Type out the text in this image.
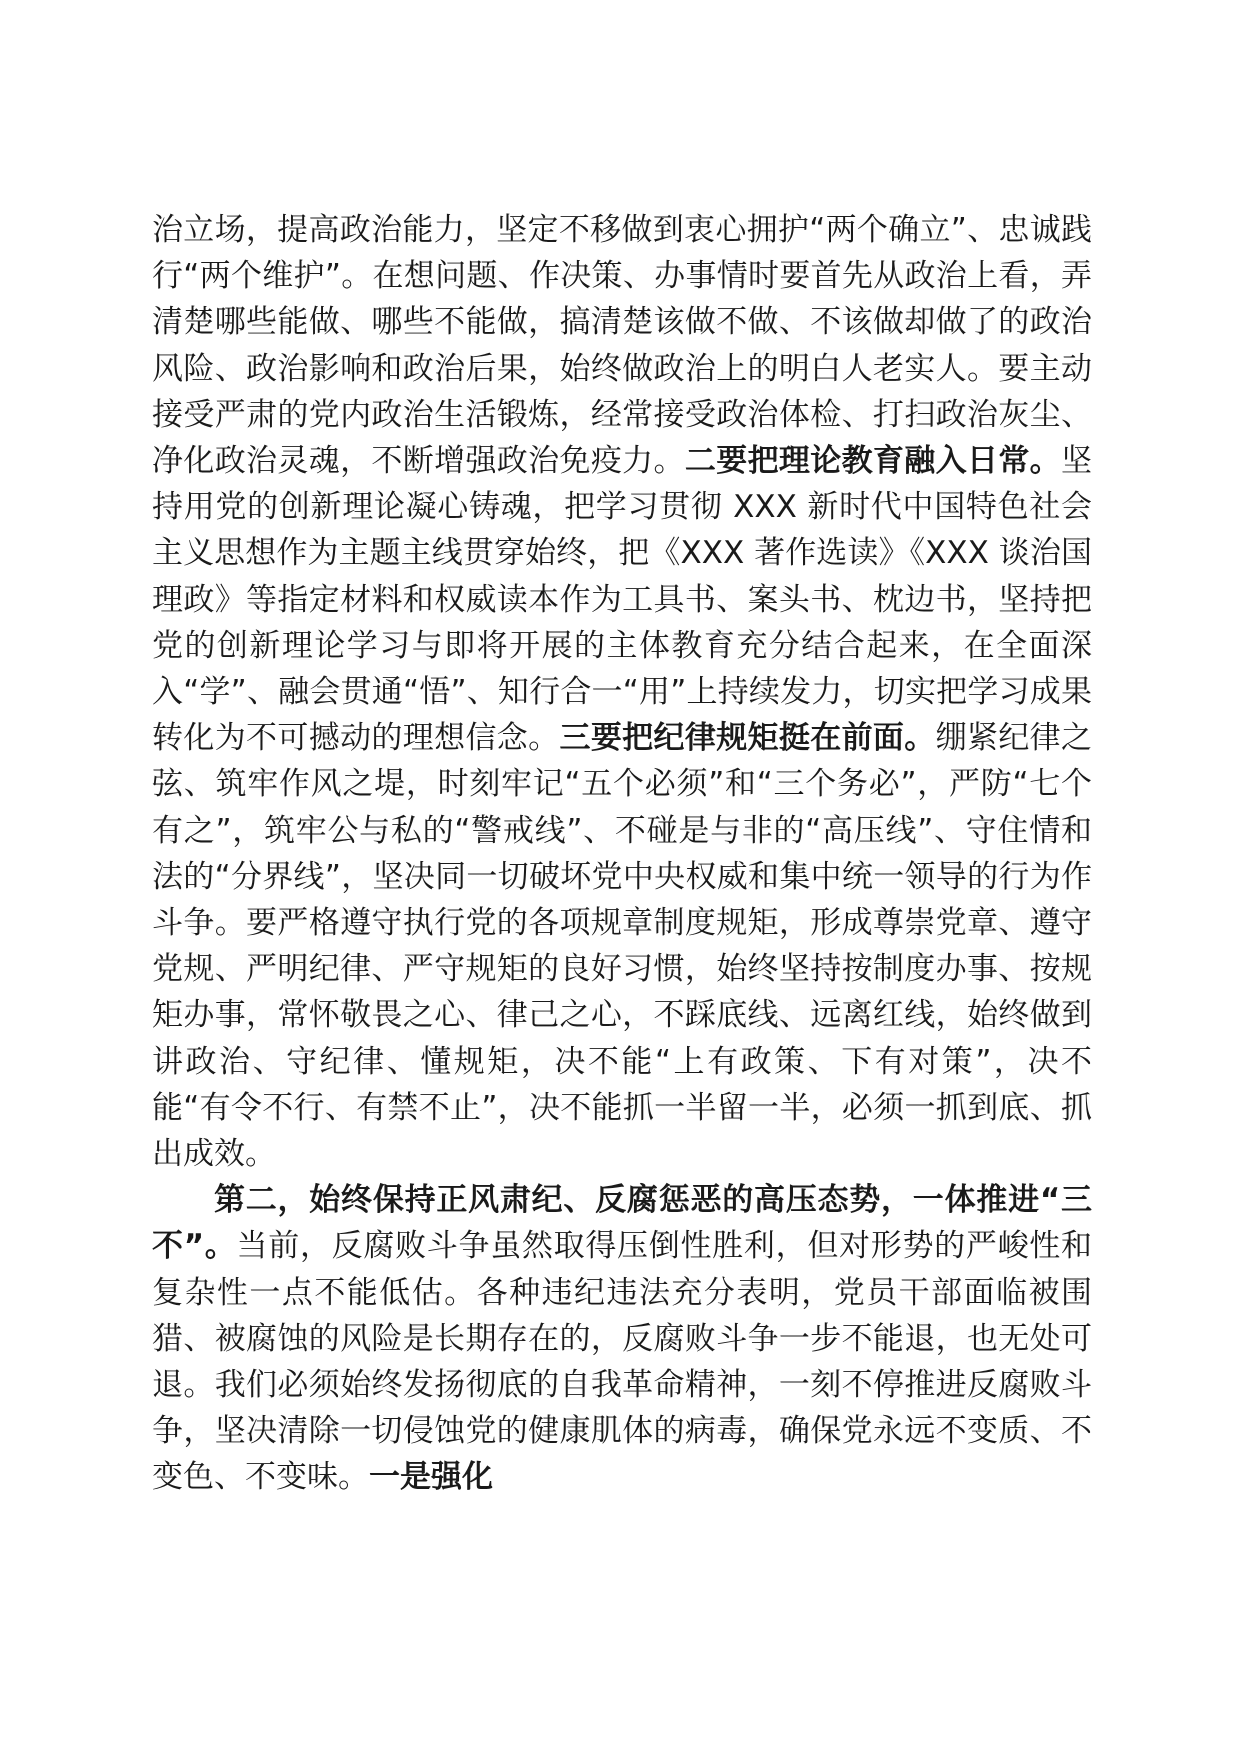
治立场，提高政治能力，坚定不移做到衷心拥护“两个确立”、忠诚践行“两个维护”。在想问题、作决策、办事情时要首先从政治上看，弄清楚哪些能做、哪些不能做，搞清楚该做不做、不该做却做了的政治风险、政治影响和政治后果，始终做政治上的明白人老实人。要主动接受严肃的党内政治生活锻炼，经常接受政治体检、打扫政治灰尘、净化政治灵魂，不断增强政治免疫力。二要把理论教育融入日常。坚持用党的创新理论凝心铸魂，把学习贯彻 XXX 新时代中国特色社会主义思想作为主题主线贯穿始终，把《XXX 著作选读》《XXX 谈治国理政》等指定材料和权威读本作为工具书、案头书、枕边书，坚持把党的创新理论学习与即将开展的主体教育充分结合起来，在全面深入“学”、融会贯通“悟”、知行合一“用”上持续发力，切实把学习成果转化为不可撼动的理想信念。三要把纪律规矩挺在前面。绷紧纪律之弦、筑牢作风之堤，时刻牢记“五个必须”和“三个务必”，严防“七个有之”，筑牢公与私的“警戒线”、不碰是与非的“高压线”、守住情和法的“分界线”，坚决同一切破坏党中央权威和集中统一领导的行为作斗争。要严格遵守执行党的各项规章制度规矩，形成尊崇党章、遵守党规、严明纪律、严守规矩的良好习惯，始终坚持按制度办事、按规矩办事，常怀敬畏之心、律己之心，不踩底线、远离红线，始终做到讲政治、守纪律、懂规矩，决不能“上有政策、下有对策”，决不能“有令不行、有禁不止”，决不能抓一半留一半，必须一抓到底、抓出成效。

第二，始终保持正风肃纪、反腐惩恶的高压态势，一体推进“三不”。当前，反腐败斗争虽然取得压倒性胜利，但对形势的严峻性和复杂性一点不能低估。各种违纪违法充分表明，党员干部面临被围猎、被腐蚀的风险是长期存在的，反腐败斗争一步不能退，也无处可退。我们必须始终发扬彻底的自我革命精神，一刻不停推进反腐败斗争，坚决清除一切侵蚀党的健康肌体的病毒，确保党永远不变质、不变色、不变味。一是强化
